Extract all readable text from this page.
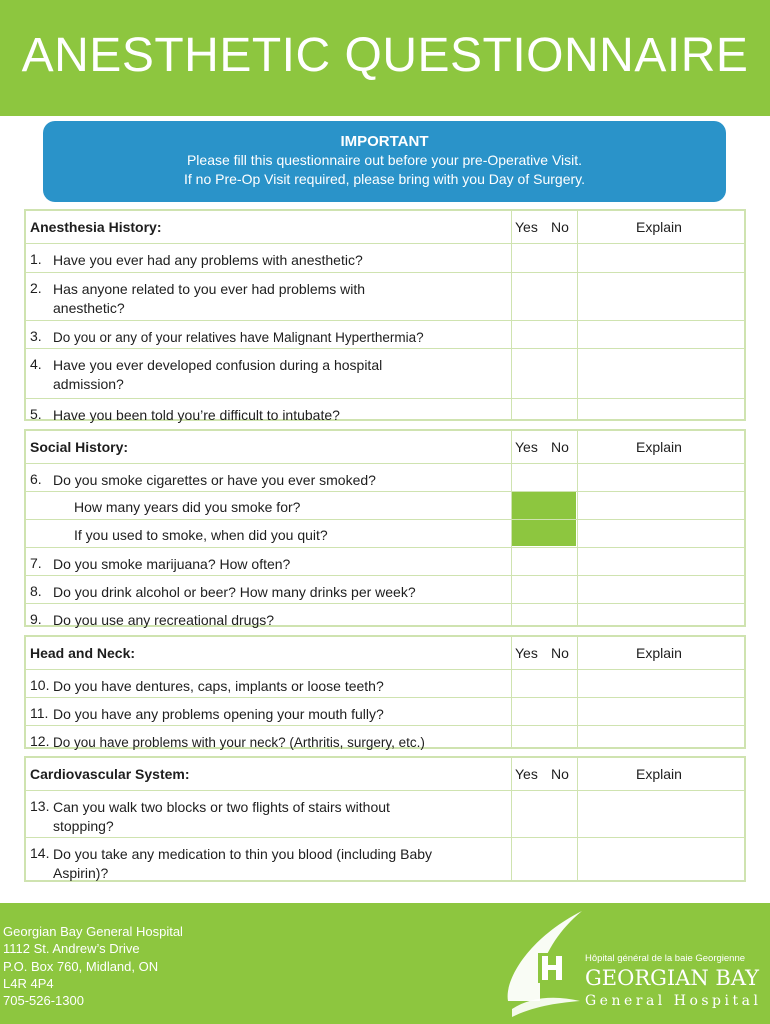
ANESTHETIC QUESTIONNAIRE
IMPORTANT
Please fill this questionnaire out before your pre-Operative Visit.
If no Pre-Op Visit required, please bring with you Day of Surgery.
Anesthesia History:	Yes No	Explain
1. Have you ever had any problems with anesthetic?
2. Has anyone related to you ever had problems with anesthetic?
3. Do you or any of your relatives have Malignant Hyperthermia?
4. Have you ever developed confusion during a hospital admission?
5. Have you been told you’re difficult to intubate?
Social History:	Yes No	Explain
6. Do you smoke cigarettes or have you ever smoked?
How many years did you smoke for?
If you used to smoke, when did you quit?
7. Do you smoke marijuana? How often?
8. Do you drink alcohol or beer? How many drinks per week?
9. Do you use any recreational drugs?
Head and Neck:	Yes No	Explain
10. Do you have dentures, caps, implants or loose teeth?
11. Do you have any problems opening your mouth fully?
12. Do you have problems with your neck? (Arthritis, surgery, etc.)
Cardiovascular System:	Yes No	Explain
13. Can you walk two blocks or two flights of stairs without stopping?
14. Do you take any medication to thin you blood (including Baby Aspirin)?
Georgian Bay General Hospital
1112 St. Andrew’s Drive
P.O. Box 760, Midland, ON
L4R 4P4
705-526-1300
Hôpital général de la baie Georgienne
GEORGIAN BAY
General Hospital
